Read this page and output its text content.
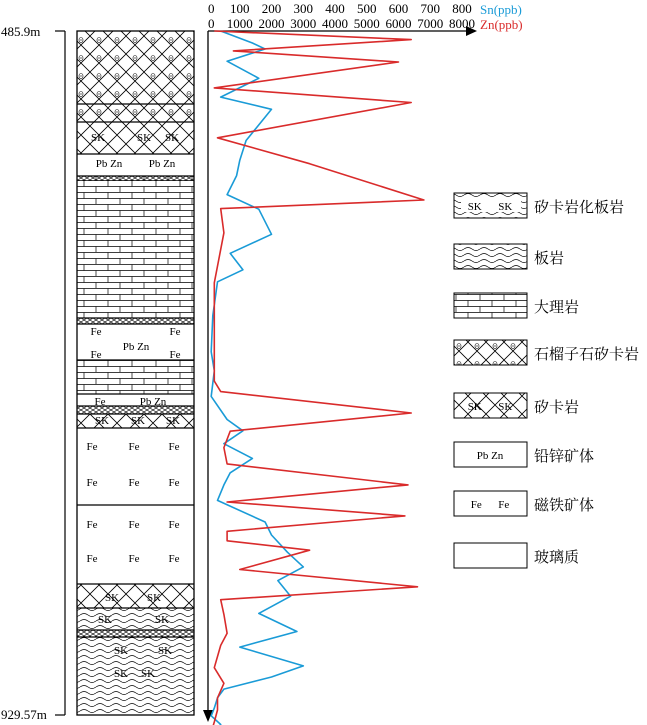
485.9m
929.57m
SK	SK SK
Pb Zn Pb Zn
Fe	Fe
Pb Zn
Fe	Fe
Fe	Pb Zn
SK SK SK
Fe	Fe	Fe
Fe	Fe	Fe
Fe	Fe	Fe
Fe	Fe	Fe
SK	SK
SK	SK
SK	SK
SK SK
0 100 200 300 400 500 600 700 800
0 1000 2000 3000 4000 5000 6000 7000 8000
Sn(ppb)
Zn(ppb)
SK      SK 矽卡岩化板岩
板岩
大理岩
石榴子石矽卡岩
SK      SK 矽卡岩
Pb Zn 铅锌矿体
Fe      Fe 磁铁矿体
玻璃质
